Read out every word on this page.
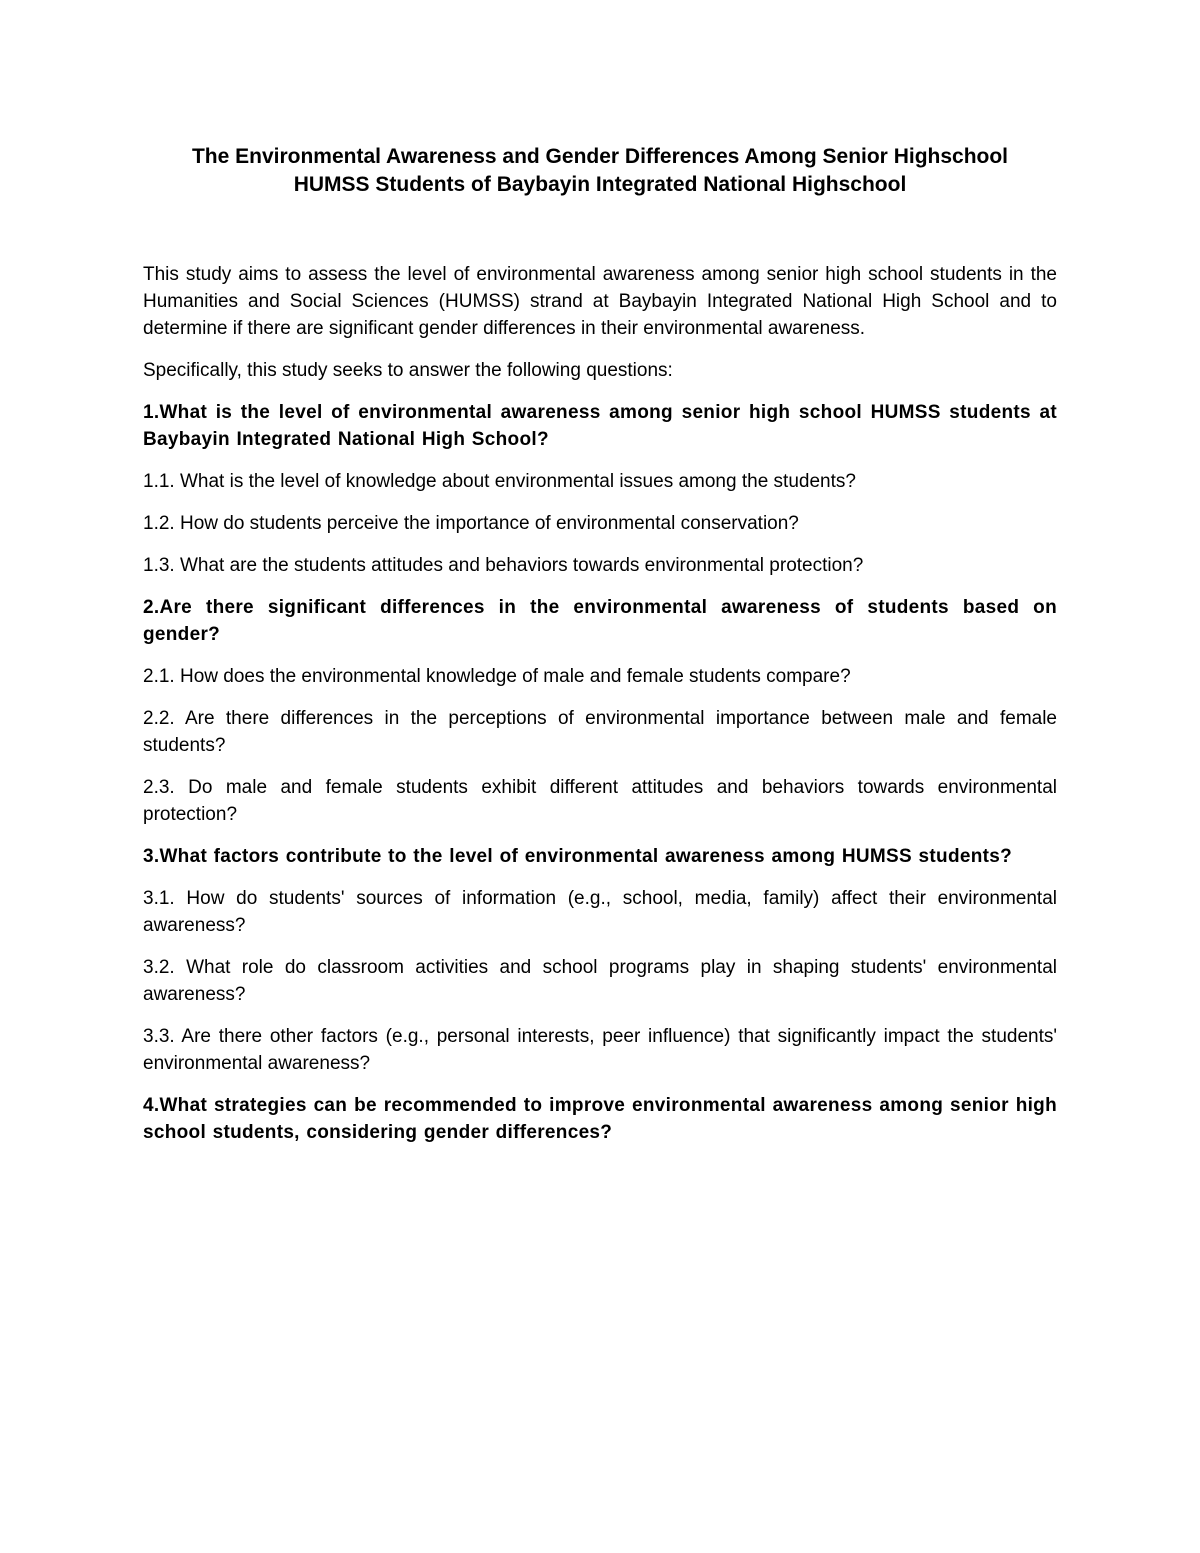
The Environmental Awareness and Gender Differences Among Senior Highschool
HUMSS Students of Baybayin Integrated National Highschool

This study aims to assess the level of environmental awareness among senior high school students in the Humanities and Social Sciences (HUMSS) strand at Baybayin Integrated National High School and to determine if there are significant gender differences in their environmental awareness.

Specifically, this study seeks to answer the following questions:

1.What is the level of environmental awareness among senior high school HUMSS students at Baybayin Integrated National High School?

1.1. What is the level of knowledge about environmental issues among the students?

1.2. How do students perceive the importance of environmental conservation?

1.3. What are the students attitudes and behaviors towards environmental protection?

2.Are there significant differences in the environmental awareness of students based on gender?

2.1. How does the environmental knowledge of male and female students compare?

2.2. Are there differences in the perceptions of environmental importance between male and female students?

2.3. Do male and female students exhibit different attitudes and behaviors towards environmental protection?

3.What factors contribute to the level of environmental awareness among HUMSS students?

3.1. How do students' sources of information (e.g., school, media, family) affect their environmental awareness?

3.2. What role do classroom activities and school programs play in shaping students' environmental awareness?

3.3. Are there other factors (e.g., personal interests, peer influence) that significantly impact the students' environmental awareness?

4.What strategies can be recommended to improve environmental awareness among senior high school students, considering gender differences?
